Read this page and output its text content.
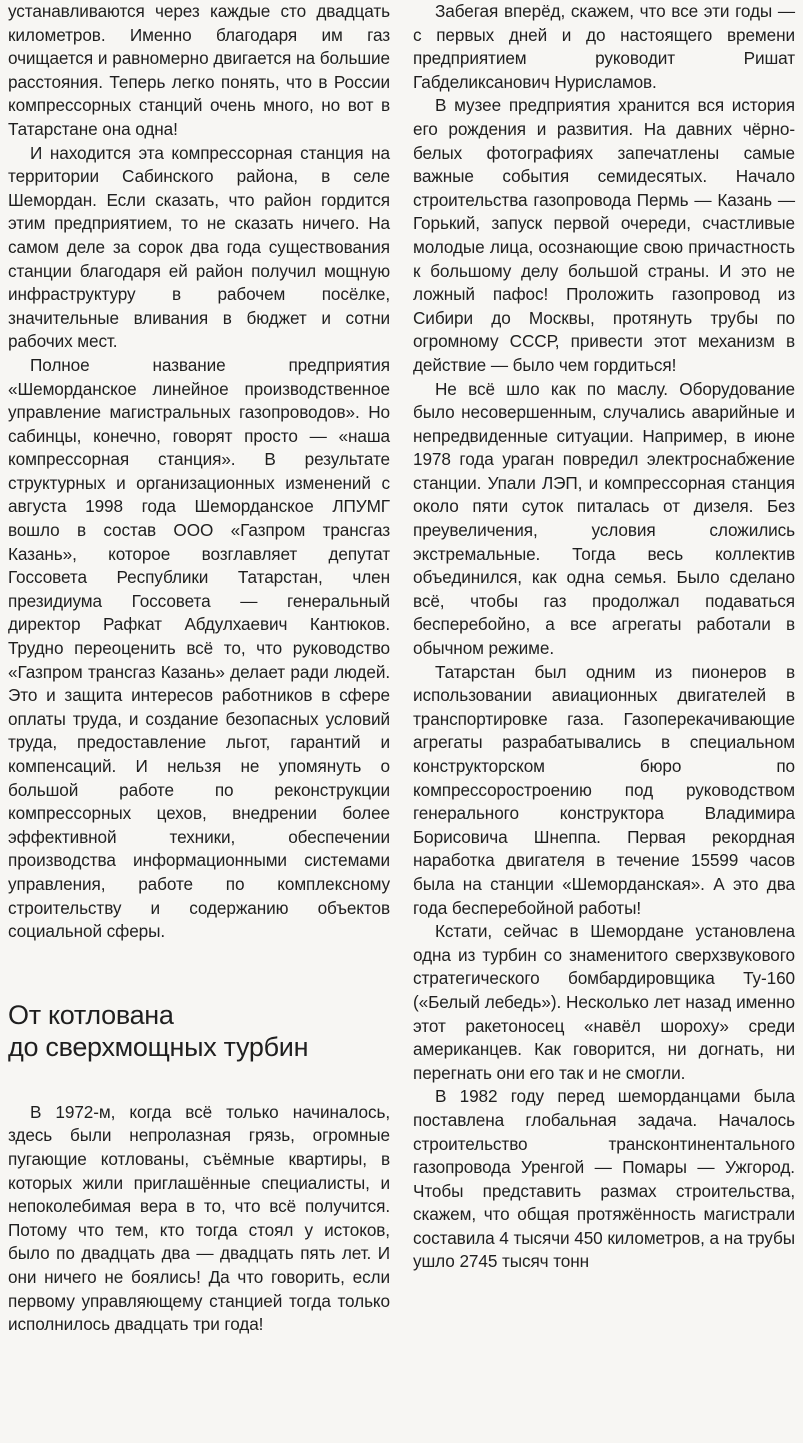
устанавливаются через каждые сто двадцать километров. Именно благодаря им газ очищается и равномерно двигается на большие расстояния. Теперь легко понять, что в России компрессорных станций очень много, но вот в Татарстане она одна!

И находится эта компрессорная станция на территории Сабинского района, в селе Шемордан. Если сказать, что район гордится этим предприятием, то не сказать ничего. На самом деле за сорок два года существования станции благодаря ей район получил мощную инфраструктуру в рабочем посёлке, значительные вливания в бюджет и сотни рабочих мест.

Полное название предприятия «Шеморданское линейное производственное управление магистральных газопроводов». Но сабинцы, конечно, говорят просто — «наша компрессорная станция». В результате структурных и организационных изменений с августа 1998 года Шеморданское ЛПУМГ вошло в состав ООО «Газпром трансгаз Казань», которое возглавляет депутат Госсовета Республики Татарстан, член президиума Госсовета — генеральный директор Рафкат Абдулхаевич Кантюков. Трудно переоценить всё то, что руководство «Газпром трансгаз Казань» делает ради людей. Это и защита интересов работников в сфере оплаты труда, и создание безопасных условий труда, предоставление льгот, гарантий и компенсаций. И нельзя не упомянуть о большой работе по реконструкции компрессорных цехов, внедрении более эффективной техники, обеспечении производства информационными системами управления, работе по комплексному строительству и содержанию объектов социальной сферы.

От котлована
до сверхмощных турбин

В 1972-м, когда всё только начиналось, здесь были непролазная грязь, огромные пугающие котлованы, съёмные квартиры, в которых жили приглашённые специалисты, и непоколебимая вера в то, что всё получится. Потому что тем, кто тогда стоял у истоков, было по двадцать два — двадцать пять лет. И они ничего не боялись! Да что говорить, если первому управляющему станцией тогда только исполнилось двадцать три года!

Забегая вперёд, скажем, что все эти годы — с первых дней и до настоящего времени предприятием руководит Ришат Габделиксанович Нурисламов.

В музее предприятия хранится вся история его рождения и развития. На давних чёрно-белых фотографиях запечатлены самые важные события семидесятых. Начало строительства газопровода Пермь — Казань — Горький, запуск первой очереди, счастливые молодые лица, осознающие свою причастность к большому делу большой страны. И это не ложный пафос! Проложить газопровод из Сибири до Москвы, протянуть трубы по огромному СССР, привести этот механизм в действие — было чем гордиться!

Не всё шло как по маслу. Оборудование было несовершенным, случались аварийные и непредвиденные ситуации. Например, в июне 1978 года ураган повредил электроснабжение станции. Упали ЛЭП, и компрессорная станция около пяти суток питалась от дизеля. Без преувеличения, условия сложились экстремальные. Тогда весь коллектив объединился, как одна семья. Было сделано всё, чтобы газ продолжал подаваться бесперебойно, а все агрегаты работали в обычном режиме.

Татарстан был одним из пионеров в использовании авиационных двигателей в транспортировке газа. Газоперекачивающие агрегаты разрабатывались в специальном конструкторском бюро по компрессоростроению под руководством генерального конструктора Владимира Борисовича Шнеппа. Первая рекордная наработка двигателя в течение 15599 часов была на станции «Шеморданская». А это два года бесперебойной работы!

Кстати, сейчас в Шемордане установлена одна из турбин со знаменитого сверхзвукового стратегического бомбардировщика Ту-160 («Белый лебедь»). Несколько лет назад именно этот ракетоносец «навёл шороху» среди американцев. Как говорится, ни догнать, ни перегнать они его так и не смогли.

В 1982 году перед шеморданцами была поставлена глобальная задача. Началось строительство трансконтинентального газопровода Уренгой — Помары — Ужгород. Чтобы представить размах строительства, скажем, что общая протяжённость магистрали составила 4 тысячи 450 километров, а на трубы ушло 2745 тысяч тонн
